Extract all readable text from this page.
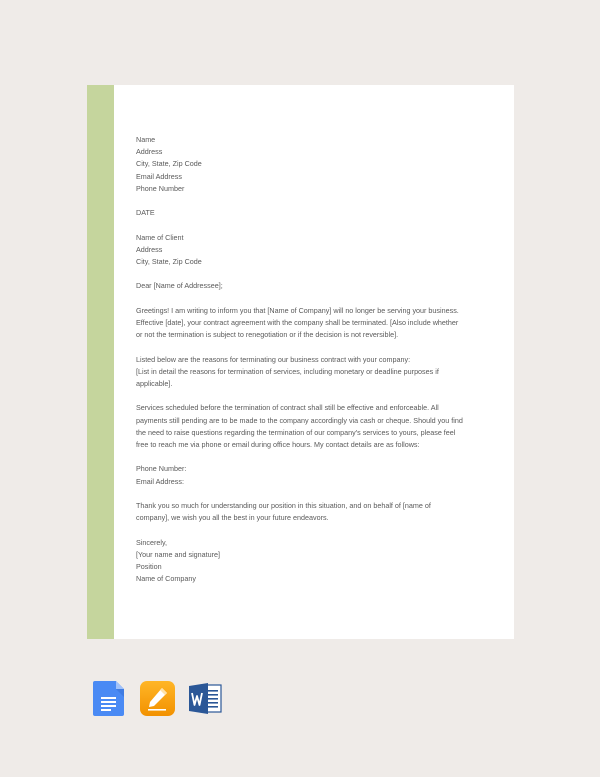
Name
Address
City, State, Zip Code
Email Address
Phone Number
DATE
Name of Client
Address
City, State, Zip Code
Dear [Name of Addressee];
Greetings! I am writing to inform you that [Name of Company] will no longer be serving your business.
Effective [date], your contract agreement with the company shall be terminated. [Also include whether
or not the termination is subject to renegotiation or if the decision is not reversible].
Listed below are the reasons for terminating our business contract with your company:
[List in detail the reasons for termination of services, including monetary or deadline purposes if
applicable].
Services scheduled before the termination of contract shall still be effective and enforceable. All
payments still pending are to be made to the company accordingly via cash or cheque. Should you find
the need to raise questions regarding the termination of our company's services to yours, please feel
free to reach me via phone or email during office hours. My contact details are as follows:
Phone Number:
Email Address:
Thank you so much for understanding our position in this situation, and on behalf of [name of
company], we wish you all the best in your future endeavors.
Sincerely,
[Your name and signature]
Position
Name of Company
